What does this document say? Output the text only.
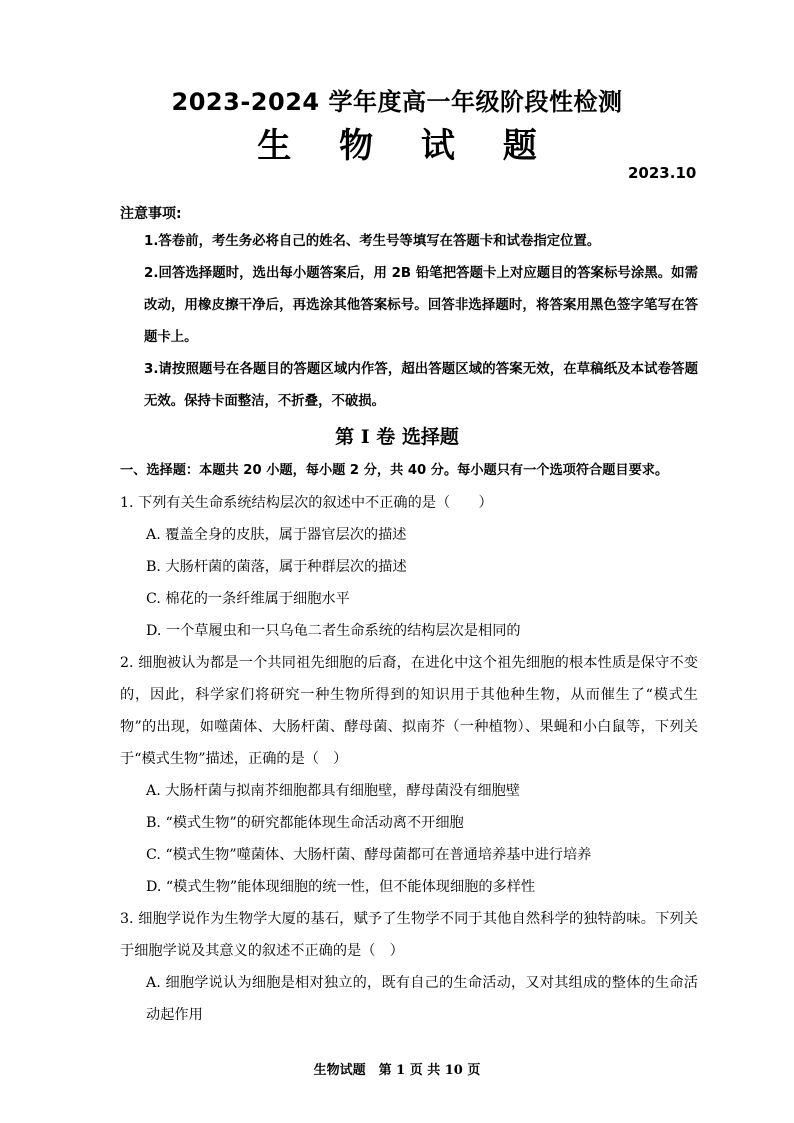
2023-2024 学年度高一年级阶段性检测
生 物 试 题
2023.10
注意事项:
1.答卷前，考生务必将自己的姓名、考生号等填写在答题卡和试卷指定位置。
2.回答选择题时，选出每小题答案后，用 2B 铅笔把答题卡上对应题目的答案标号涂黑。如需改动，用橡皮擦干净后，再选涂其他答案标号。回答非选择题时，将答案用黑色签字笔写在答题卡上。
3.请按照题号在各题目的答题区域内作答，超出答题区域的答案无效，在草稿纸及本试卷答题无效。保持卡面整洁，不折叠，不破损。
第 I 卷 选择题
一、选择题：本题共 20 小题，每小题 2 分，共 40 分。每小题只有一个选项符合题目要求。
1. 下列有关生命系统结构层次的叙述中不正确的是（　　）
A. 覆盖全身的皮肤，属于器官层次的描述
B. 大肠杆菌的菌落，属于种群层次的描述
C. 棉花的一条纤维属于细胞水平
D. 一个草履虫和一只乌龟二者生命系统的结构层次是相同的
2. 细胞被认为都是一个共同祖先细胞的后裔，在进化中这个祖先细胞的根本性质是保守不变的，因此，科学家们将研究一种生物所得到的知识用于其他种生物，从而催生了“模式生物”的出现，如噬菌体、大肠杆菌、酵母菌、拟南芥（一种植物）、果蝇和小白鼠等，下列关于“模式生物”描述，正确的是（　）
A. 大肠杆菌与拟南芥细胞都具有细胞壁，酵母菌没有细胞壁
B. “模式生物”的研究都能体现生命活动离不开细胞
C. “模式生物”噬菌体、大肠杆菌、酵母菌都可在普通培养基中进行培养
D. “模式生物”能体现细胞的统一性，但不能体现细胞的多样性
3. 细胞学说作为生物学大厦的基石，赋予了生物学不同于其他自然科学的独特韵味。下列关于细胞学说及其意义的叙述不正确的是（　）
A. 细胞学说认为细胞是相对独立的，既有自己的生命活动，又对其组成的整体的生命活动起作用
生物试题　第 1 页 共 10 页
